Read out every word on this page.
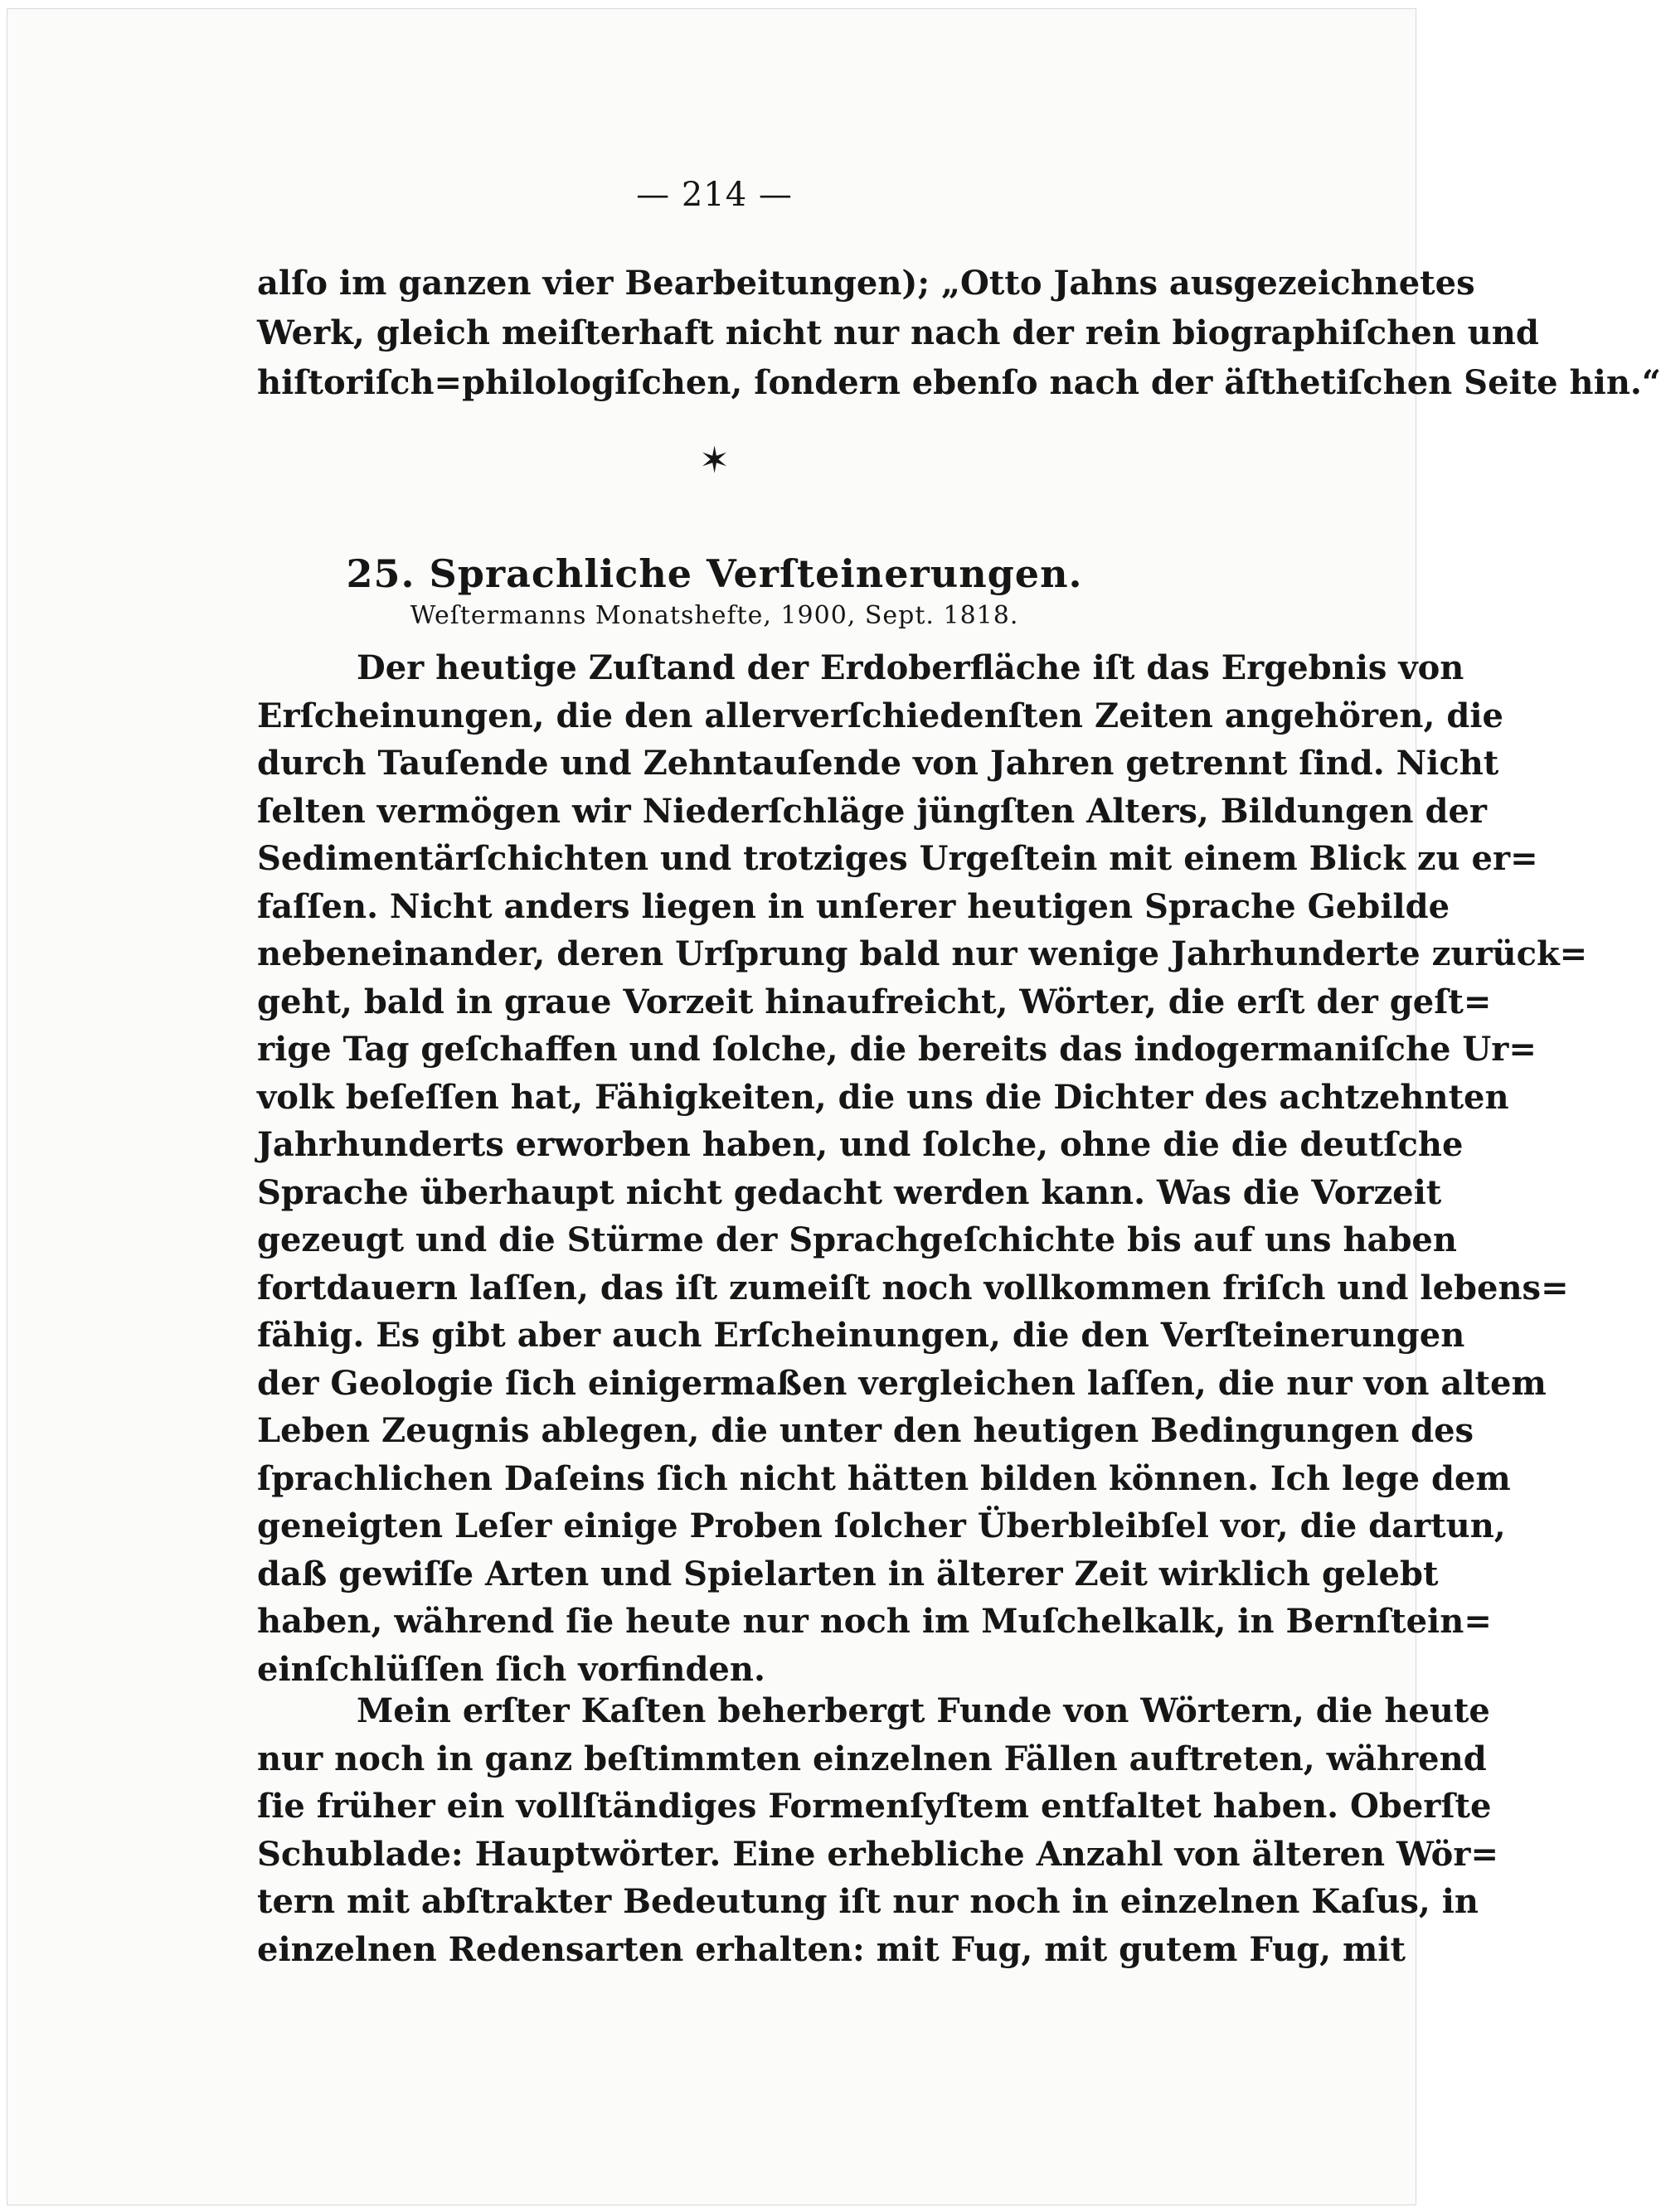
— 214 —
alſo im ganzen vier Bearbeitungen); „Otto Jahns ausgezeichnetes
Werk, gleich meiſterhaft nicht nur nach der rein biographiſchen und
hiſtoriſch=philologiſchen, ſondern ebenſo nach der äſthetiſchen Seite hin.“
✶
25. Sprachliche Verſteinerungen.
Weſtermanns Monatshefte, 1900, Sept. 1818.
Der heutige Zuſtand der Erdoberfläche iſt das Ergebnis von
Erſcheinungen, die den allerverſchiedenſten Zeiten angehören, die
durch Tauſende und Zehntauſende von Jahren getrennt ſind. Nicht
ſelten vermögen wir Niederſchläge jüngſten Alters, Bildungen der
Sedimentärſchichten und trotziges Urgeſtein mit einem Blick zu er=
faſſen. Nicht anders liegen in unſerer heutigen Sprache Gebilde
nebeneinander, deren Urſprung bald nur wenige Jahrhunderte zurück=
geht, bald in graue Vorzeit hinaufreicht, Wörter, die erſt der geſt=
rige Tag geſchaffen und ſolche, die bereits das indogermaniſche Ur=
volk beſeſſen hat, Fähigkeiten, die uns die Dichter des achtzehnten
Jahrhunderts erworben haben, und ſolche, ohne die die deutſche
Sprache überhaupt nicht gedacht werden kann. Was die Vorzeit
gezeugt und die Stürme der Sprachgeſchichte bis auf uns haben
fortdauern laſſen, das iſt zumeiſt noch vollkommen friſch und lebens=
fähig. Es gibt aber auch Erſcheinungen, die den Verſteinerungen
der Geologie ſich einigermaßen vergleichen laſſen, die nur von altem
Leben Zeugnis ablegen, die unter den heutigen Bedingungen des
ſprachlichen Daſeins ſich nicht hätten bilden können. Ich lege dem
geneigten Leſer einige Proben ſolcher Überbleibſel vor, die dartun,
daß gewiſſe Arten und Spielarten in älterer Zeit wirklich gelebt
haben, während ſie heute nur noch im Muſchelkalk, in Bernſtein=
einſchlüſſen ſich vorfinden.
Mein erſter Kaſten beherbergt Funde von Wörtern, die heute
nur noch in ganz beſtimmten einzelnen Fällen auftreten, während
ſie früher ein vollſtändiges Formenſyſtem entfaltet haben. Oberſte
Schublade: Hauptwörter. Eine erhebliche Anzahl von älteren Wör=
tern mit abſtrakter Bedeutung iſt nur noch in einzelnen Kaſus, in
einzelnen Redensarten erhalten: mit Fug, mit gutem Fug, mit
